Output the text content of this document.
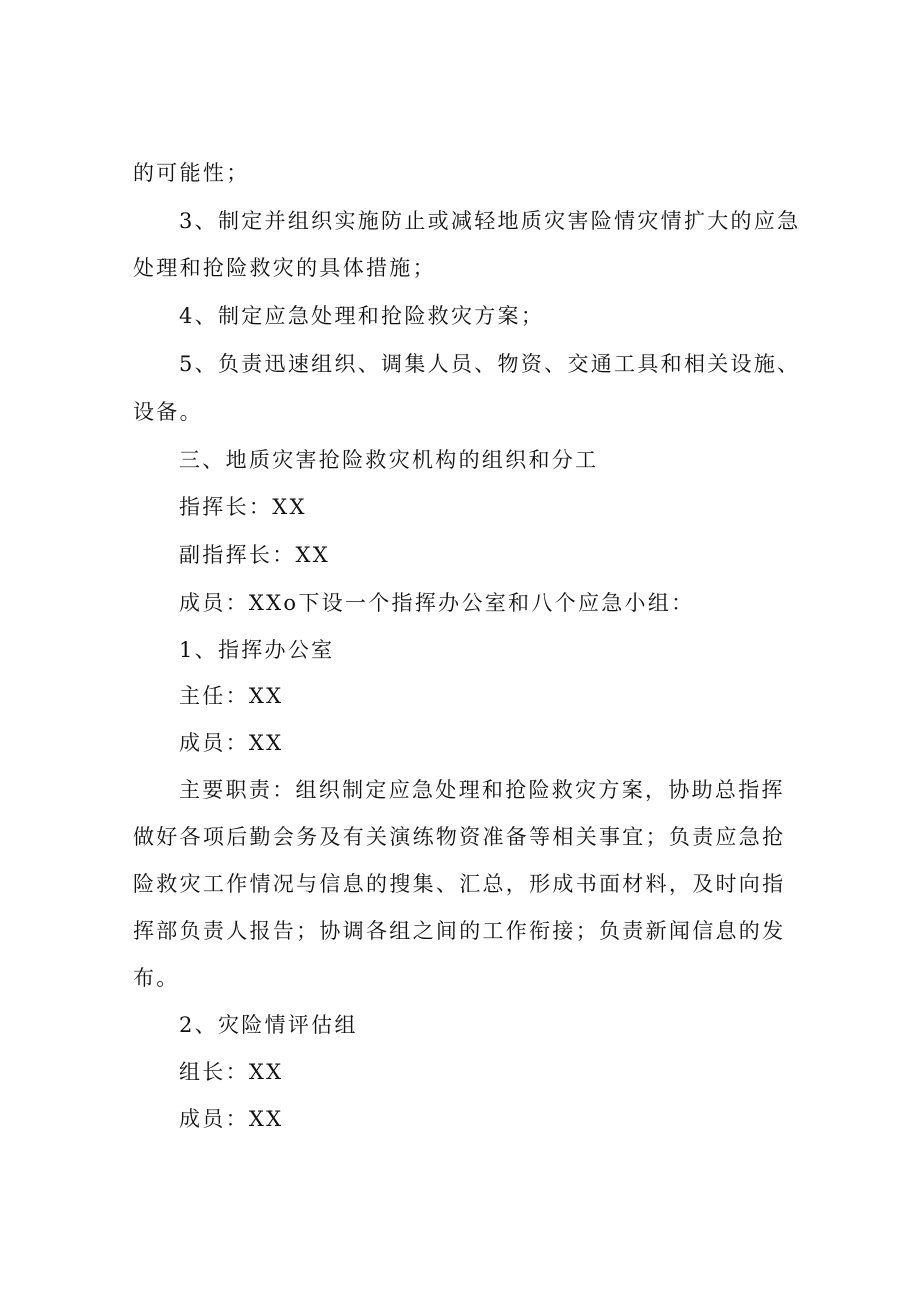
的可能性；

3、制定并组织实施防止或减轻地质灾害险情灾情扩大的应急

处理和抢险救灾的具体措施；

4、制定应急处理和抢险救灾方案；

5、负责迅速组织、调集人员、物资、交通工具和相关设施、

设备。

三、地质灾害抢险救灾机构的组织和分工

指挥长：XX

副指挥长：XX

成员：XXo下设一个指挥办公室和八个应急小组：

1、指挥办公室

主任：XX

成员：XX

主要职责：组织制定应急处理和抢险救灾方案，协助总指挥

做好各项后勤会务及有关演练物资准备等相关事宜；负责应急抢

险救灾工作情况与信息的搜集、汇总，形成书面材料，及时向指

挥部负责人报告；协调各组之间的工作衔接；负责新闻信息的发

布。

2、灾险情评估组

组长：XX

成员：XX
